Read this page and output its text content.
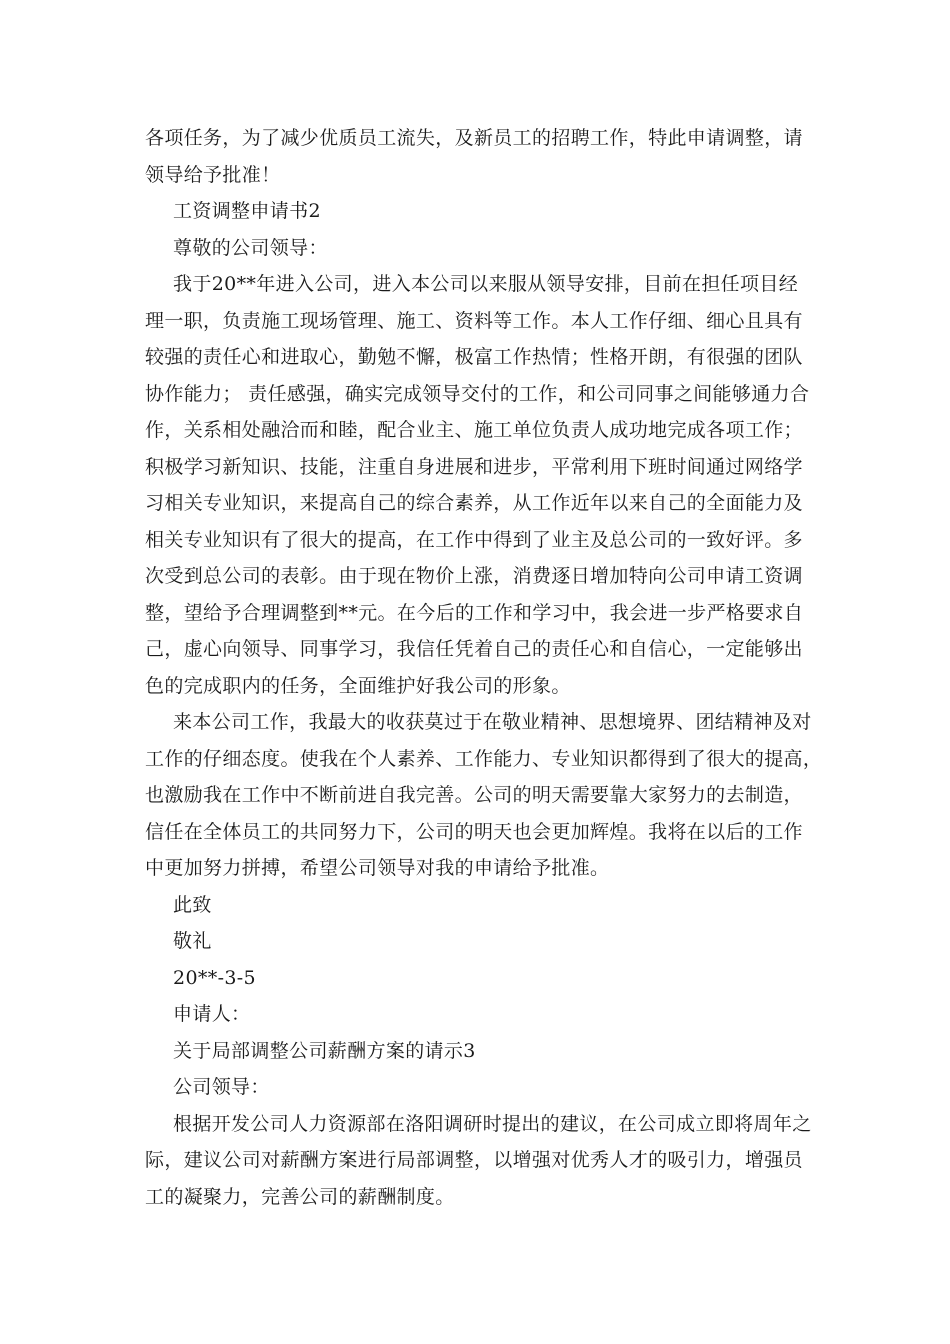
各项任务，为了减少优质员工流失，及新员工的招聘工作，特此申请调整，请
领导给予批准！

工资调整申请书2

尊敬的公司领导：

我于20**年进入公司，进入本公司以来服从领导安排，目前在担任项目经
理一职，负责施工现场管理、施工、资料等工作。本人工作仔细、细心且具有
较强的责任心和进取心，勤勉不懈，极富工作热情；性格开朗，有很强的团队
协作能力； 责任感强，确实完成领导交付的工作，和公司同事之间能够通力合
作，关系相处融洽而和睦，配合业主、施工单位负责人成功地完成各项工作；
积极学习新知识、技能，注重自身进展和进步，平常利用下班时间通过网络学
习相关专业知识，来提高自己的综合素养，从工作近年以来自己的全面能力及
相关专业知识有了很大的提高，在工作中得到了业主及总公司的一致好评。多
次受到总公司的表彰。由于现在物价上涨，消费逐日增加特向公司申请工资调
整，望给予合理调整到**元。在今后的工作和学习中，我会进一步严格要求自
己，虚心向领导、同事学习，我信任凭着自己的责任心和自信心，一定能够出
色的完成职内的任务，全面维护好我公司的形象。

来本公司工作，我最大的收获莫过于在敬业精神、思想境界、团结精神及对
工作的仔细态度。使我在个人素养、工作能力、专业知识都得到了很大的提高，
也激励我在工作中不断前进自我完善。公司的明天需要靠大家努力的去制造，
信任在全体员工的共同努力下，公司的明天也会更加辉煌。我将在以后的工作
中更加努力拼搏，希望公司领导对我的申请给予批准。

此致

敬礼

20**-3-5

申请人：

关于局部调整公司薪酬方案的请示3

公司领导：

根据开发公司人力资源部在洛阳调研时提出的建议，在公司成立即将周年之
际，建议公司对薪酬方案进行局部调整，以增强对优秀人才的吸引力，增强员
工的凝聚力，完善公司的薪酬制度。
